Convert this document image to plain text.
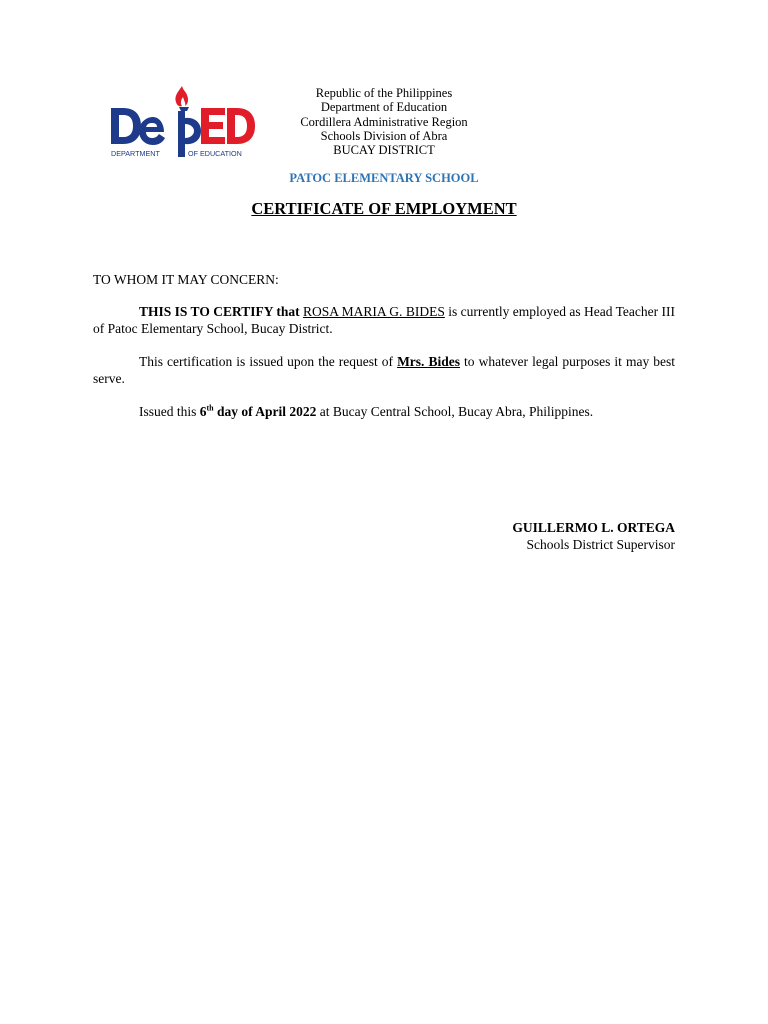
DEPARTMENT	OF EDUCATION
Republic of the Philippines
Department of Education
Cordillera Administrative Region
Schools Division of Abra
BUCAY DISTRICT
PATOC ELEMENTARY SCHOOL
CERTIFICATE OF EMPLOYMENT
TO WHOM IT MAY CONCERN:
THIS IS TO CERTIFY that ROSA MARIA G. BIDES is currently employed as Head Teacher III of Patoc Elementary School, Bucay District.
This certification is issued upon the request of Mrs. Bides to whatever legal purposes it may best serve.
Issued this 6th day of April 2022 at Bucay Central School, Bucay Abra, Philippines.
GUILLERMO L. ORTEGA
Schools District Supervisor
